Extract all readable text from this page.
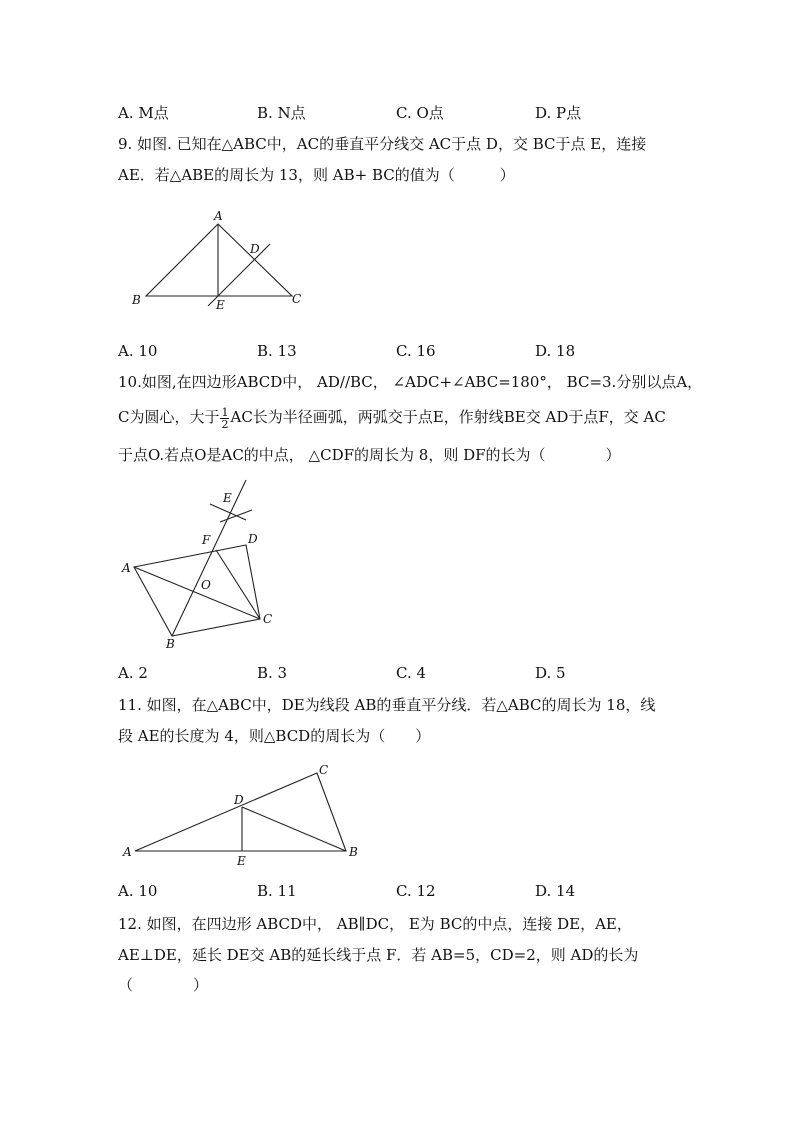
A. M点	B. N点	C. O点	D. P点
9. 如图. 已知在△ABC中，AC的垂直平分线交 AC于点 D，交 BC于点 E，连接
AE．若△ABE的周长为 13，则 AB+ BC的值为（　　　）
A
B	C
D
E
A. 10	B. 13	C. 16	D. 18
10.如图,在四边形ABCD中， AD//BC， ∠ADC+∠ABC=180°， BC=3.分别以点A，
C为圆心，大于 $\frac{1}{2}$ AC长为半径画弧，两弧交于点E，作射线BE交 AD于点F，交 AC
于点O.若点O是AC的中点， △CDF的周长为 8，则 DF的长为（　　　　）
E
F	D
A
O
C
B
A. 2	B. 3	C. 4	D. 5
11. 如图，在△ABC中，DE为线段 AB的垂直平分线．若△ABC的周长为 18，线
段 AE的长度为 4，则△BCD的周长为（　　）
A	B
C
D
E
A. 10	B. 11	C. 12	D. 14
12. 如图，在四边形 ABCD中， AB∥DC， E为 BC的中点，连接 DE，AE，
AE⊥DE，延长 DE交 AB的延长线于点 F．若 AB=5，CD=2，则 AD的长为
（　　　　）
